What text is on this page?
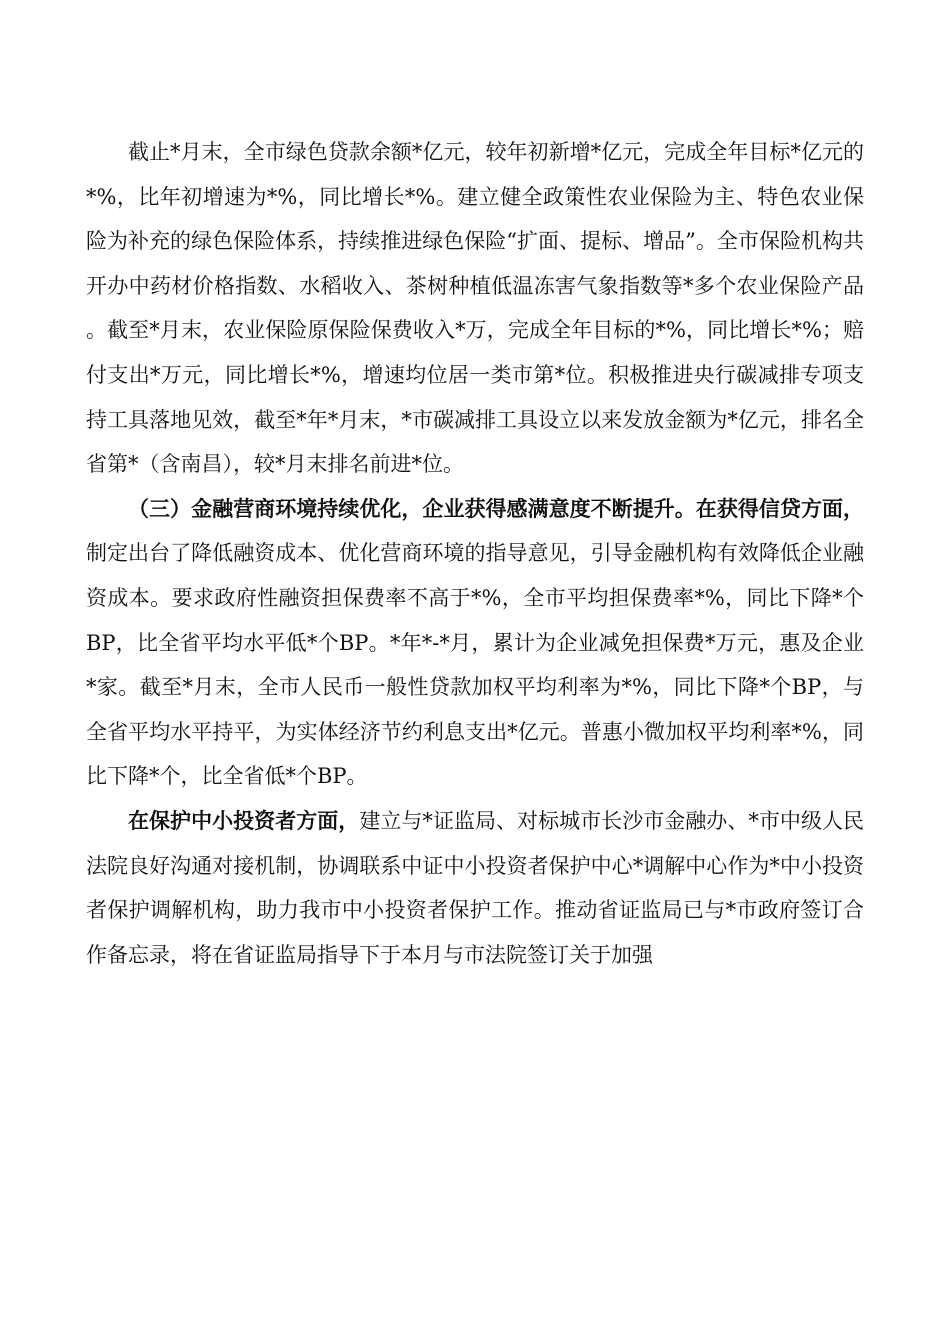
截止*月末，全市绿色贷款余额*亿元，较年初新增*亿元，完成全年目标*亿元的*%，比年初增速为*%，同比增长*%。建立健全政策性农业保险为主、特色农业保险为补充的绿色保险体系，持续推进绿色保险“扩面、提标、增品”。全市保险机构共开办中药材价格指数、水稻收入、茶树种植低温冻害气象指数等*多个农业保险产品。截至*月末，农业保险原保险保费收入*万，完成全年目标的*%，同比增长*%；赔付支出*万元，同比增长*%，增速均位居一类市第*位。积极推进央行碳减排专项支持工具落地见效，截至*年*月末，*市碳减排工具设立以来发放金额为*亿元，排名全省第*（含南昌），较*月末排名前进*位。

（三）金融营商环境持续优化，企业获得感满意度不断提升。在获得信贷方面，制定出台了降低融资成本、优化营商环境的指导意见，引导金融机构有效降低企业融资成本。要求政府性融资担保费率不高于*%，全市平均担保费率*%，同比下降*个BP，比全省平均水平低*个BP。*年*-*月，累计为企业减免担保费*万元，惠及企业*家。截至*月末，全市人民币一般性贷款加权平均利率为*%，同比下降*个BP，与全省平均水平持平，为实体经济节约利息支出*亿元。普惠小微加权平均利率*%，同比下降*个，比全省低*个BP。

在保护中小投资者方面，建立与*证监局、对标城市长沙市金融办、*市中级人民法院良好沟通对接机制，协调联系中证中小投资者保护中心*调解中心作为*中小投资者保护调解机构，助力我市中小投资者保护工作。推动省证监局已与*市政府签订合作备忘录，将在省证监局指导下于本月与市法院签订关于加强
